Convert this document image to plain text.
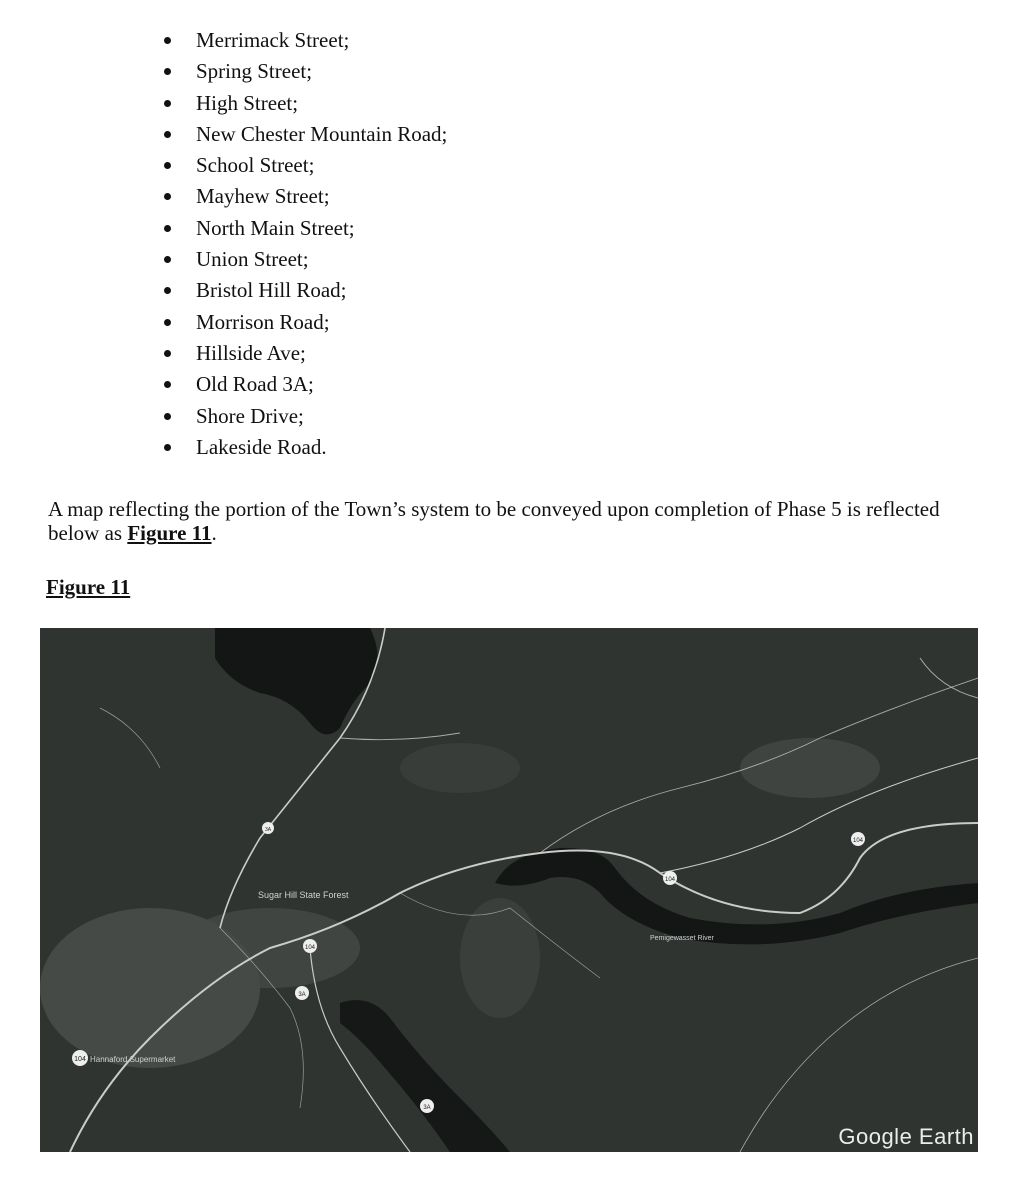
Merrimack Street;
Spring Street;
High Street;
New Chester Mountain Road;
School Street;
Mayhew Street;
North Main Street;
Union Street;
Bristol Hill Road;
Morrison Road;
Hillside Ave;
Old Road 3A;
Shore Drive;
Lakeside Road.

A map reflecting the portion of the Town’s system to be conveyed upon completion of Phase 5 is reflected below as Figure 11.

Figure 11
104
104
3A
3A
104
104
3A
Sugar Hill State Forest
Hannaford Supermarket
Pemigewasset River
Google Earth
